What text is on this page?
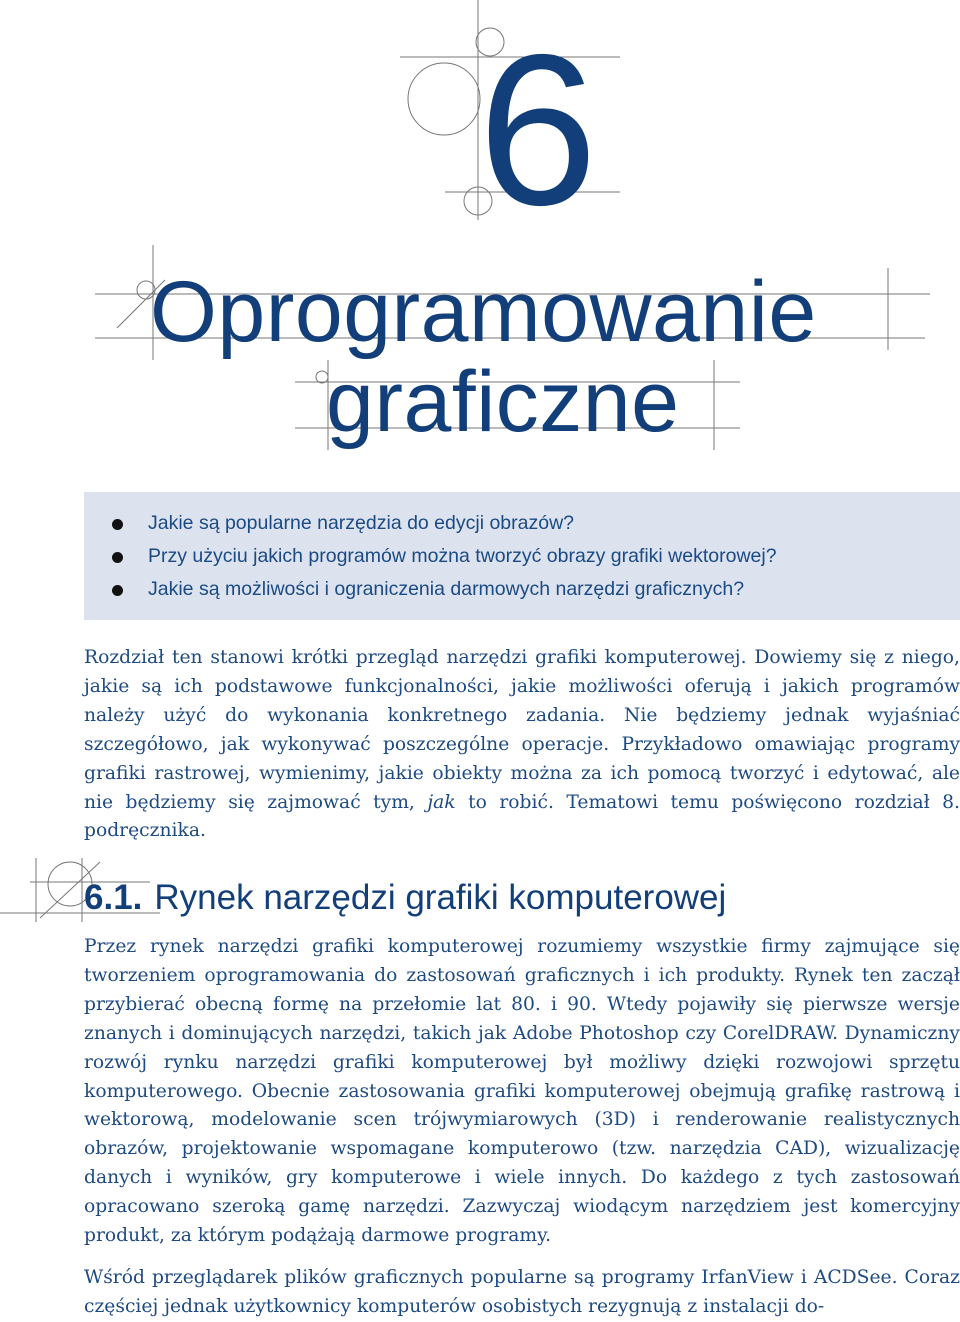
6
Oprogramowanie
graficzne
Jakie są popularne narzędzia do edycji obrazów?
Przy użyciu jakich programów można tworzyć obrazy grafiki wektorowej?
Jakie są możliwości i ograniczenia darmowych narzędzi graficznych?

Rozdział ten stanowi krótki przegląd narzędzi grafiki komputerowej. Dowiemy się z niego, jakie są ich podstawowe funkcjonalności, jakie możliwości oferują i jakich programów należy użyć do wykonania konkretnego zadania. Nie będziemy jednak wyjaśniać szczegółowo, jak wykonywać poszczególne operacje. Przykładowo omawiając programy grafiki rastrowej, wymienimy, jakie obiekty można za ich pomocą tworzyć i edytować, ale nie będziemy się zajmować tym, jak to robić. Tematowi temu poświęcono rozdział 8. podręcznika.

6.1. Rynek narzędzi grafiki komputerowej

Przez rynek narzędzi grafiki komputerowej rozumiemy wszystkie firmy zajmujące się tworzeniem oprogramowania do zastosowań graficznych i ich produkty. Rynek ten zaczął przybierać obecną formę na przełomie lat 80. i 90. Wtedy pojawiły się pierwsze wersje znanych i dominujących narzędzi, takich jak Adobe Photoshop czy CorelDRAW. Dynamiczny rozwój rynku narzędzi grafiki komputerowej był możliwy dzięki rozwojowi sprzętu komputerowego. Obecnie zastosowania grafiki komputerowej obejmują grafikę rastrową i wektorową, modelowanie scen trójwymiarowych (3D) i renderowanie realistycznych obrazów, projektowanie wspomagane komputerowo (tzw. narzędzia CAD), wizualizację danych i wyników, gry komputerowe i wiele innych. Do każdego z tych zastosowań opracowano szeroką gamę narzędzi. Zazwyczaj wiodącym narzędziem jest komercyjny produkt, za którym podążają darmowe programy.

Wśród przeglądarek plików graficznych popularne są programy IrfanView i ACDSee. Coraz częściej jednak użytkownicy komputerów osobistych rezygnują z instalacji do-
